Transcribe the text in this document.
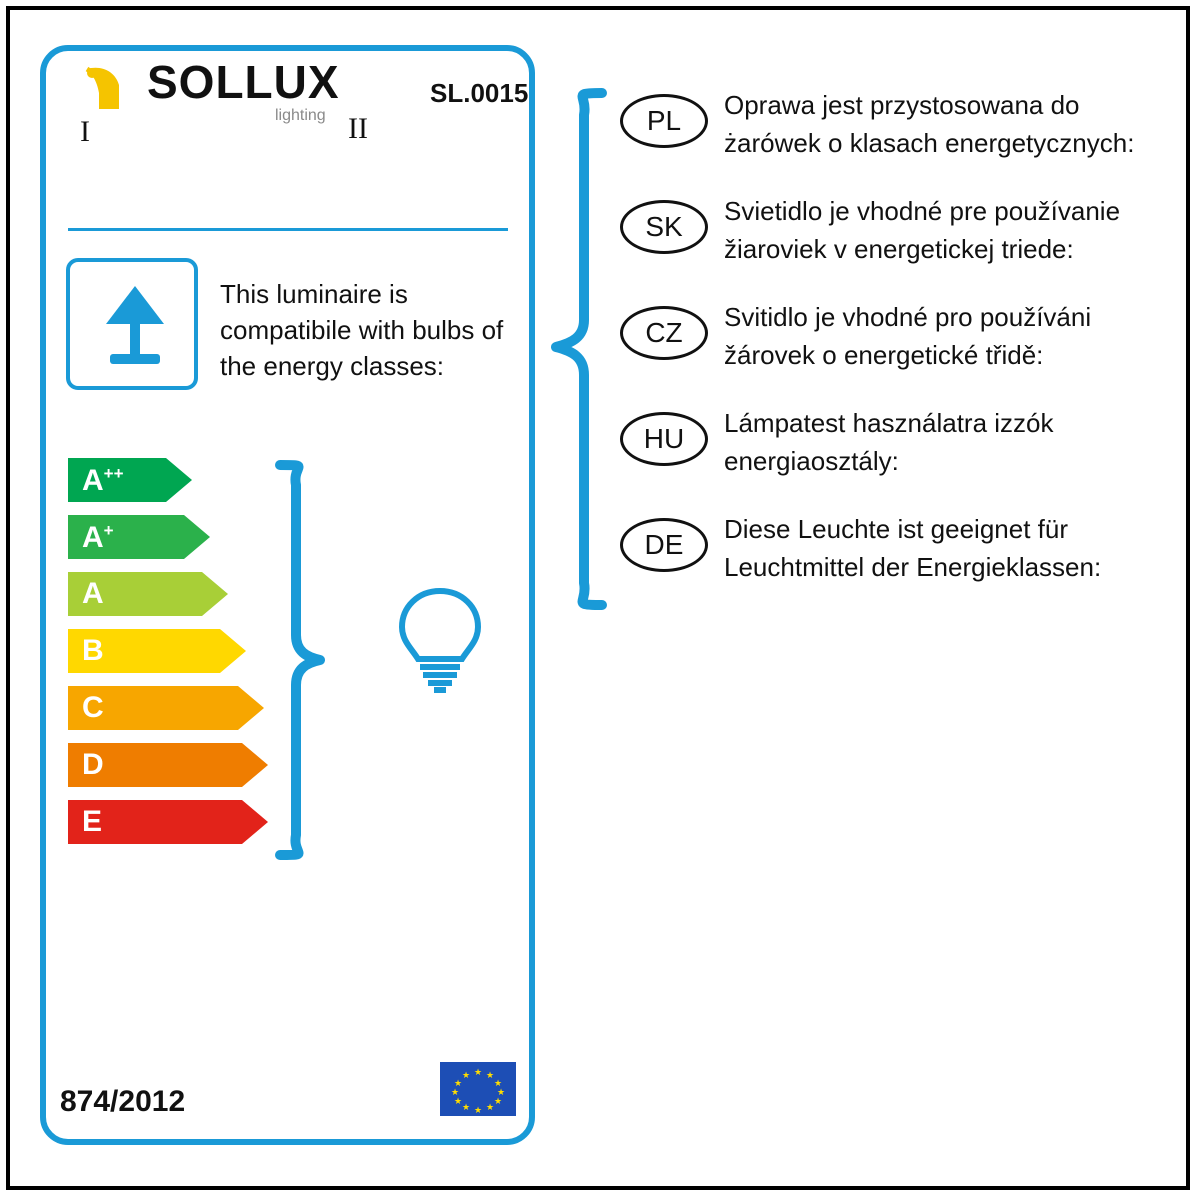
SOLLUX
lighting
SL.0015
I	II
This luminaire is compatibile with bulbs of the energy classes:
A++
A+
A
B
C
D
E
PL	Oprawa jest przystosowana do żarówek o klasach energetycznych:
SK	Svietidlo je vhodné pre používanie žiaroviek v energetickej triede:
CZ	Svitidlo je vhodné pro používáni žárovek o energetické třidě:
HU	Lámpatest használatra izzók energiaosztály:
DE	Diese Leuchte ist geeignet für Leuchtmittel der Energieklassen:
874/2012
★
★ ★
★	★
★	★
★	★
★ ★
★
